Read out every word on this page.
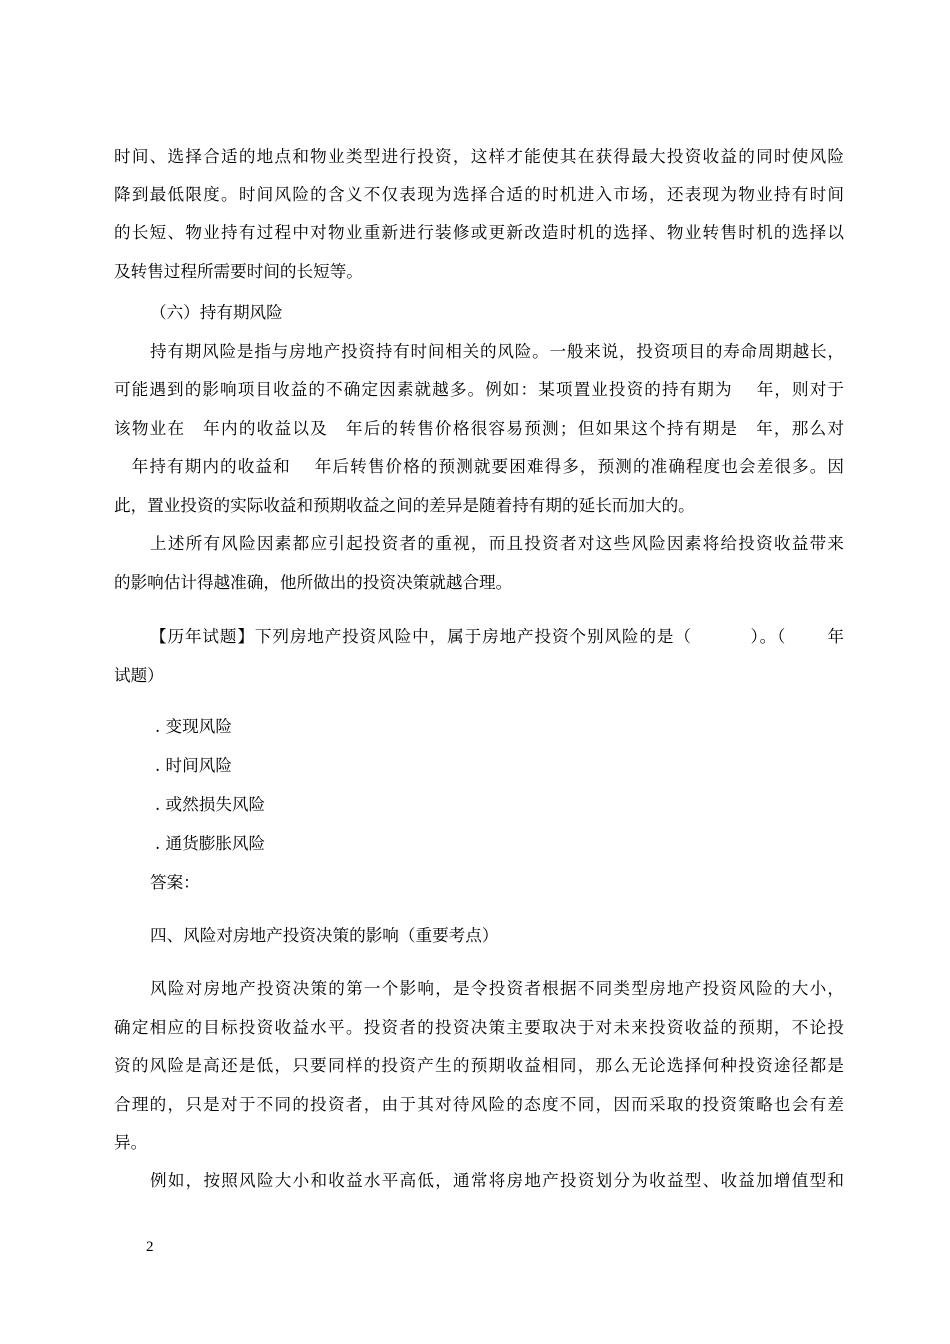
时间、选择合适的地点和物业类型进行投资，这样才能使其在获得最大投资收益的同时使风险
降到最低限度。时间风险的含义不仅表现为选择合适的时机进入市场，还表现为物业持有时间
的长短、物业持有过程中对物业重新进行装修或更新改造时机的选择、物业转售时机的选择以
及转售过程所需要时间的长短等。
（六）持有期风险
持有期风险是指与房地产投资持有时间相关的风险。一般来说，投资项目的寿命周期越长，
可能遇到的影响项目收益的不确定因素就越多。例如：某项置业投资的持有期为　 年，则对于
该物业在　年内的收益以及　年后的转售价格很容易预测；但如果这个持有期是　年，那么对
　年持有期内的收益和　 年后转售价格的预测就要困难得多，预测的准确程度也会差很多。因
此，置业投资的实际收益和预期收益之间的差异是随着持有期的延长而加大的。
上述所有风险因素都应引起投资者的重视，而且投资者对这些风险因素将给投资收益带来
的影响估计得越准确，他所做出的投资决策就越合理。
【历年试题】下列房地产投资风险中，属于房地产投资个别风险的是（　　　 ）。（　　 年
试题）
. 变现风险
. 时间风险
. 或然损失风险
. 通货膨胀风险
答案：
四、风险对房地产投资决策的影响（重要考点）
风险对房地产投资决策的第一个影响，是令投资者根据不同类型房地产投资风险的大小，
确定相应的目标投资收益水平。投资者的投资决策主要取决于对未来投资收益的预期，不论投
资的风险是高还是低，只要同样的投资产生的预期收益相同，那么无论选择何种投资途径都是
合理的，只是对于不同的投资者，由于其对待风险的态度不同，因而采取的投资策略也会有差
异。
例如，按照风险大小和收益水平高低，通常将房地产投资划分为收益型、收益加增值型和
2
